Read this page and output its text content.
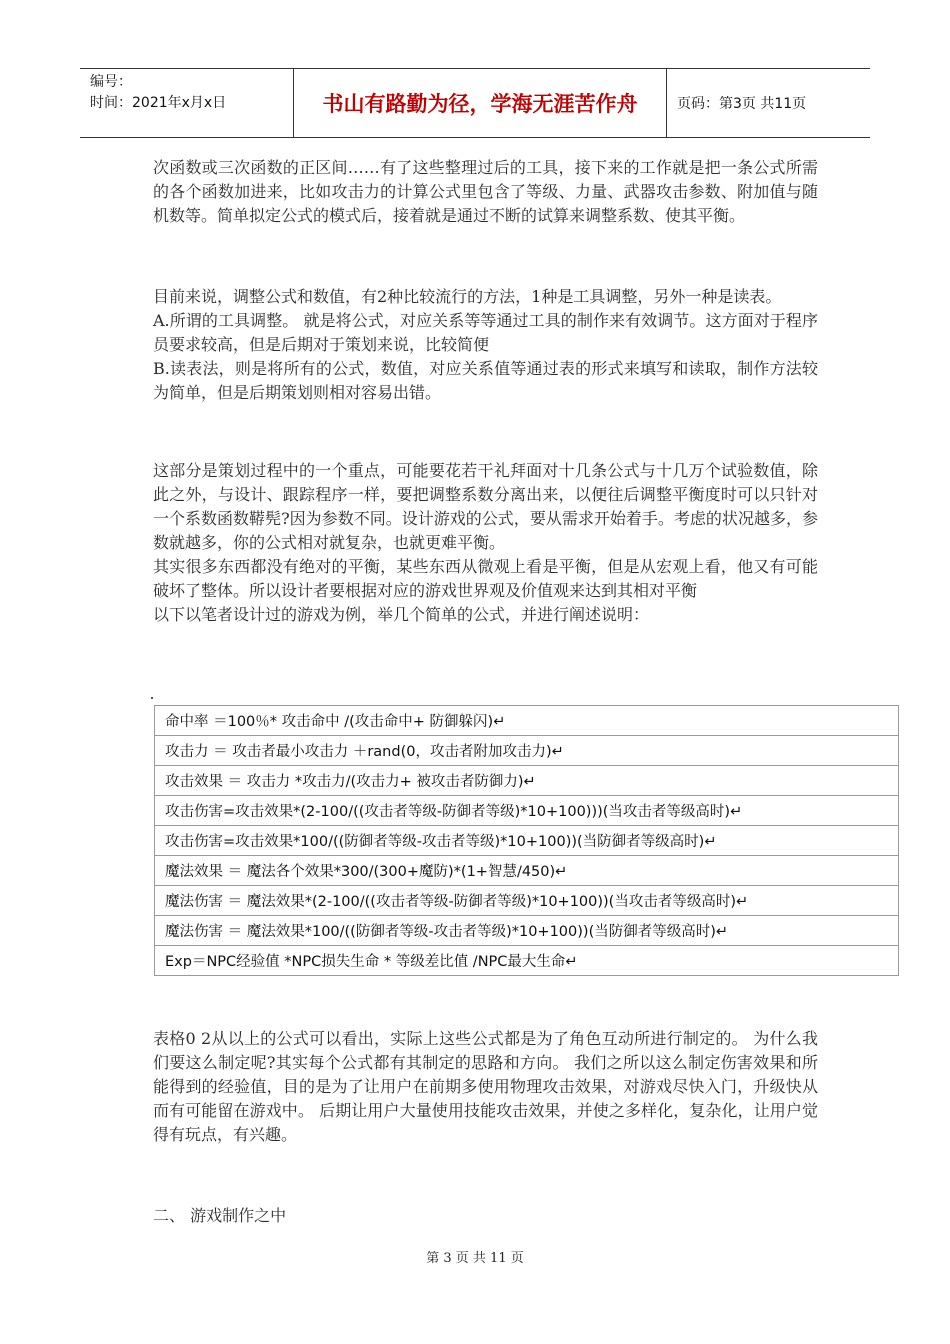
编号：
时间：2021年x月x日	书山有路勤为径，学海无涯苦作舟	页码：第3页 共11页

次函数或三次函数的正区间……有了这些整理过后的工具，接下来的工作就是把一条公式所需的各个函数加进来，比如攻击力的计算公式里包含了等级、力量、武器攻击参数、附加值与随机数等。简单拟定公式的模式后，接着就是通过不断的试算来调整系数、使其平衡。

目前来说，调整公式和数值，有2种比较流行的方法，1种是工具调整，另外一种是读表。

A.所谓的工具调整。 就是将公式，对应关系等等通过工具的制作来有效调节。这方面对于程序员要求较高，但是后期对于策划来说，比较简便

B.读表法，则是将所有的公式，数值，对应关系值等通过表的形式来填写和读取，制作方法较为简单，但是后期策划则相对容易出错。

这部分是策划过程中的一个重点，可能要花若干礼拜面对十几条公式与十几万个试验数值，除此之外，与设计、跟踪程序一样，要把调整系数分离出来，以便往后调整平衡度时可以只针对一个系数函数鞯髡?因为参数不同。设计游戏的公式，要从需求开始着手。考虑的状况越多，参数就越多，你的公式相对就复杂，也就更难平衡。

其实很多东西都没有绝对的平衡，某些东西从微观上看是平衡，但是从宏观上看，他又有可能破坏了整体。所以设计者要根据对应的游戏世界观及价值观来达到其相对平衡

以下以笔者设计过的游戏为例，举几个简单的公式，并进行阐述说明：

命中率 ＝100％* 攻击命中 /(攻击命中+ 防御躲闪)↵
攻击力 ＝ 攻击者最小攻击力 ＋rand(0，攻击者附加攻击力)↵
攻击效果 ＝ 攻击力 *攻击力/(攻击力+ 被攻击者防御力)↵
攻击伤害=攻击效果*(2-100/((攻击者等级-防御者等级)*10+100)))(当攻击者等级高时)↵
攻击伤害=攻击效果*100/((防御者等级-攻击者等级)*10+100))(当防御者等级高时)↵
魔法效果 ＝ 魔法各个效果*300/(300+魔防)*(1+智慧/450)↵
魔法伤害 ＝ 魔法效果*(2-100/((攻击者等级-防御者等级)*10+100))(当攻击者等级高时)↵
魔法伤害 ＝ 魔法效果*100/((防御者等级-攻击者等级)*10+100))(当防御者等级高时)↵
Exp＝NPC经验值 *NPC损失生命 * 等级差比值 /NPC最大生命↵

表格0 2从以上的公式可以看出，实际上这些公式都是为了角色互动所进行制定的。 为什么我们要这么制定呢?其实每个公式都有其制定的思路和方向。 我们之所以这么制定伤害效果和所能得到的经验值，目的是为了让用户在前期多使用物理攻击效果，对游戏尽快入门，升级快从而有可能留在游戏中。 后期让用户大量使用技能攻击效果，并使之多样化，复杂化，让用户觉得有玩点，有兴趣。

二、 游戏制作之中
第 3 页 共 11 页
